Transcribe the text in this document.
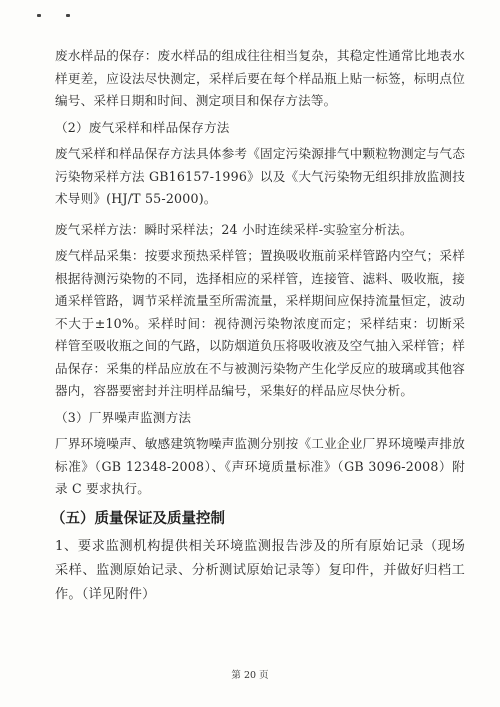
废水样品的保存：废水样品的组成往往相当复杂，其稳定性通常比地表水样更差，应设法尽快测定，采样后要在每个样品瓶上贴一标签，标明点位编号、采样日期和时间、测定项目和保存方法等。

（2）废气采样和样品保存方法

废气采样和样品保存方法具体参考《固定污染源排气中颗粒物测定与气态污染物采样方法 GB16157-1996》以及《大气污染物无组织排放监测技术导则》(HJ/T 55-2000)。

废气采样方法：瞬时采样法；24 小时连续采样-实验室分析法。

废气样品采集：按要求预热采样管；置换吸收瓶前采样管路内空气；采样根据待测污染物的不同，选择相应的采样管，连接管、滤料、吸收瓶，接通采样管路，调节采样流量至所需流量，采样期间应保持流量恒定，波动不大于±10%。采样时间：视待测污染物浓度而定；采样结束：切断采样管至吸收瓶之间的气路，以防烟道负压将吸收液及空气抽入采样管；样品保存：采集的样品应放在不与被测污染物产生化学反应的玻璃或其他容器内，容器要密封并注明样品编号，采集好的样品应尽快分析。

（3）厂界噪声监测方法

厂界环境噪声、敏感建筑物噪声监测分别按《工业企业厂界环境噪声排放标准》（GB 12348-2008）、《声环境质量标准》（GB 3096-2008）附录 C 要求执行。

（五）质量保证及质量控制

1、要求监测机构提供相关环境监测报告涉及的所有原始记录（现场采样、监测原始记录、分析测试原始记录等）复印件，并做好归档工作。（详见附件）

第 20 页
